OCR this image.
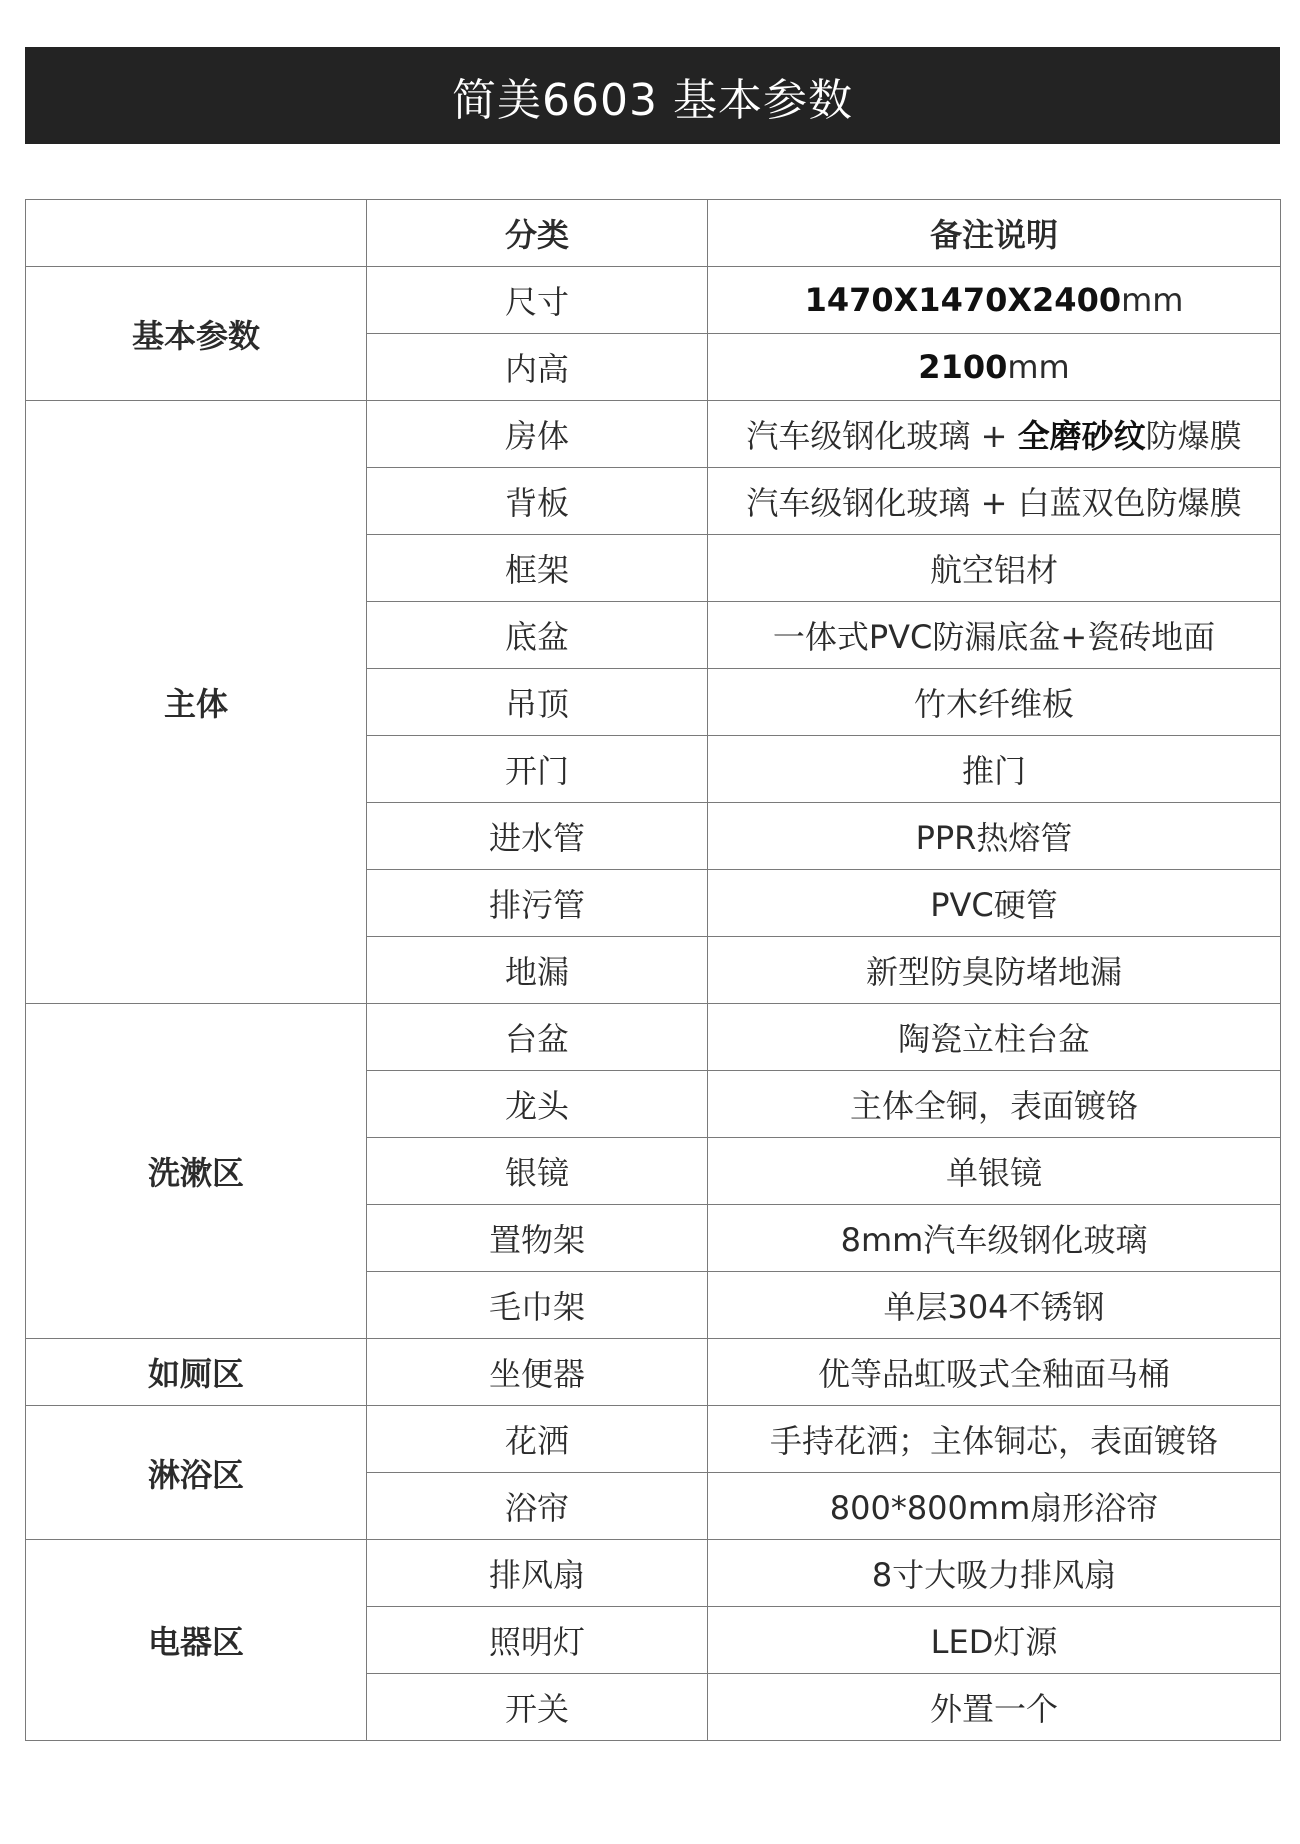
简美6603 基本参数
	分类	备注说明
基本参数	尺寸	1470X1470X2400mm
	内高	2100mm
主体	房体	汽车级钢化玻璃 + 全磨砂纹防爆膜
	背板	汽车级钢化玻璃 + 白蓝双色防爆膜
	框架	航空铝材
	底盆	一体式PVC防漏底盆+瓷砖地面
	吊顶	竹木纤维板
	开门	推门
	进水管	PPR热熔管
	排污管	PVC硬管
	地漏	新型防臭防堵地漏
洗漱区	台盆	陶瓷立柱台盆
	龙头	主体全铜，表面镀铬
	银镜	单银镜
	置物架	8mm汽车级钢化玻璃
	毛巾架	单层304不锈钢
如厕区	坐便器	优等品虹吸式全釉面马桶
淋浴区	花洒	手持花洒；主体铜芯，表面镀铬
	浴帘	800*800mm扇形浴帘
电器区	排风扇	8寸大吸力排风扇
	照明灯	LED灯源
	开关	外置一个
